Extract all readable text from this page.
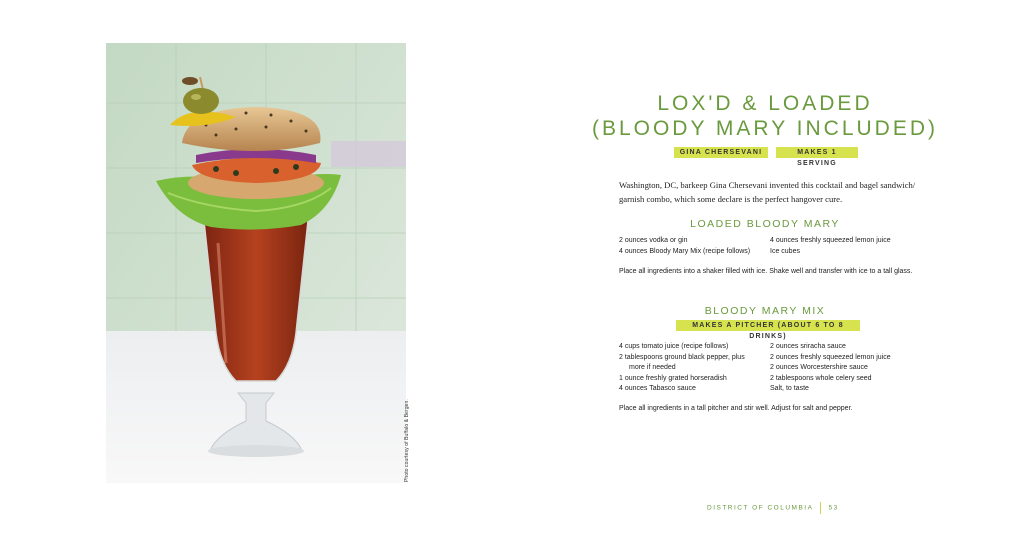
Photo courtesy of Buffalo & Bergen.
LOX'D & LOADED
(BLOODY MARY INCLUDED)
GINA CHERSEVANI	MAKES 1 SERVING

Washington, DC, barkeep Gina Chersevani invented this cocktail and bagel sandwich/ garnish combo, which some declare is the perfect hangover cure.

LOADED BLOODY MARY
2 ounces vodka or gin
4 ounces Bloody Mary Mix (recipe follows)
4 ounces freshly squeezed lemon juice
Ice cubes

Place all ingredients into a shaker filled with ice. Shake well and transfer with ice to a tall glass.

BLOODY MARY MIX
MAKES A PITCHER (ABOUT 6 TO 8 DRINKS)
4 cups tomato juice (recipe follows)
2 tablespoons ground black pepper, plus
more if needed
1 ounce freshly grated horseradish
4 ounces Tabasco sauce
2 ounces sriracha sauce
2 ounces freshly squeezed lemon juice
2 ounces Worcestershire sauce
2 tablespoons whole celery seed
Salt, to taste

Place all ingredients in a tall pitcher and stir well. Adjust for salt and pepper.

DISTRICT OF COLUMBIA 53
